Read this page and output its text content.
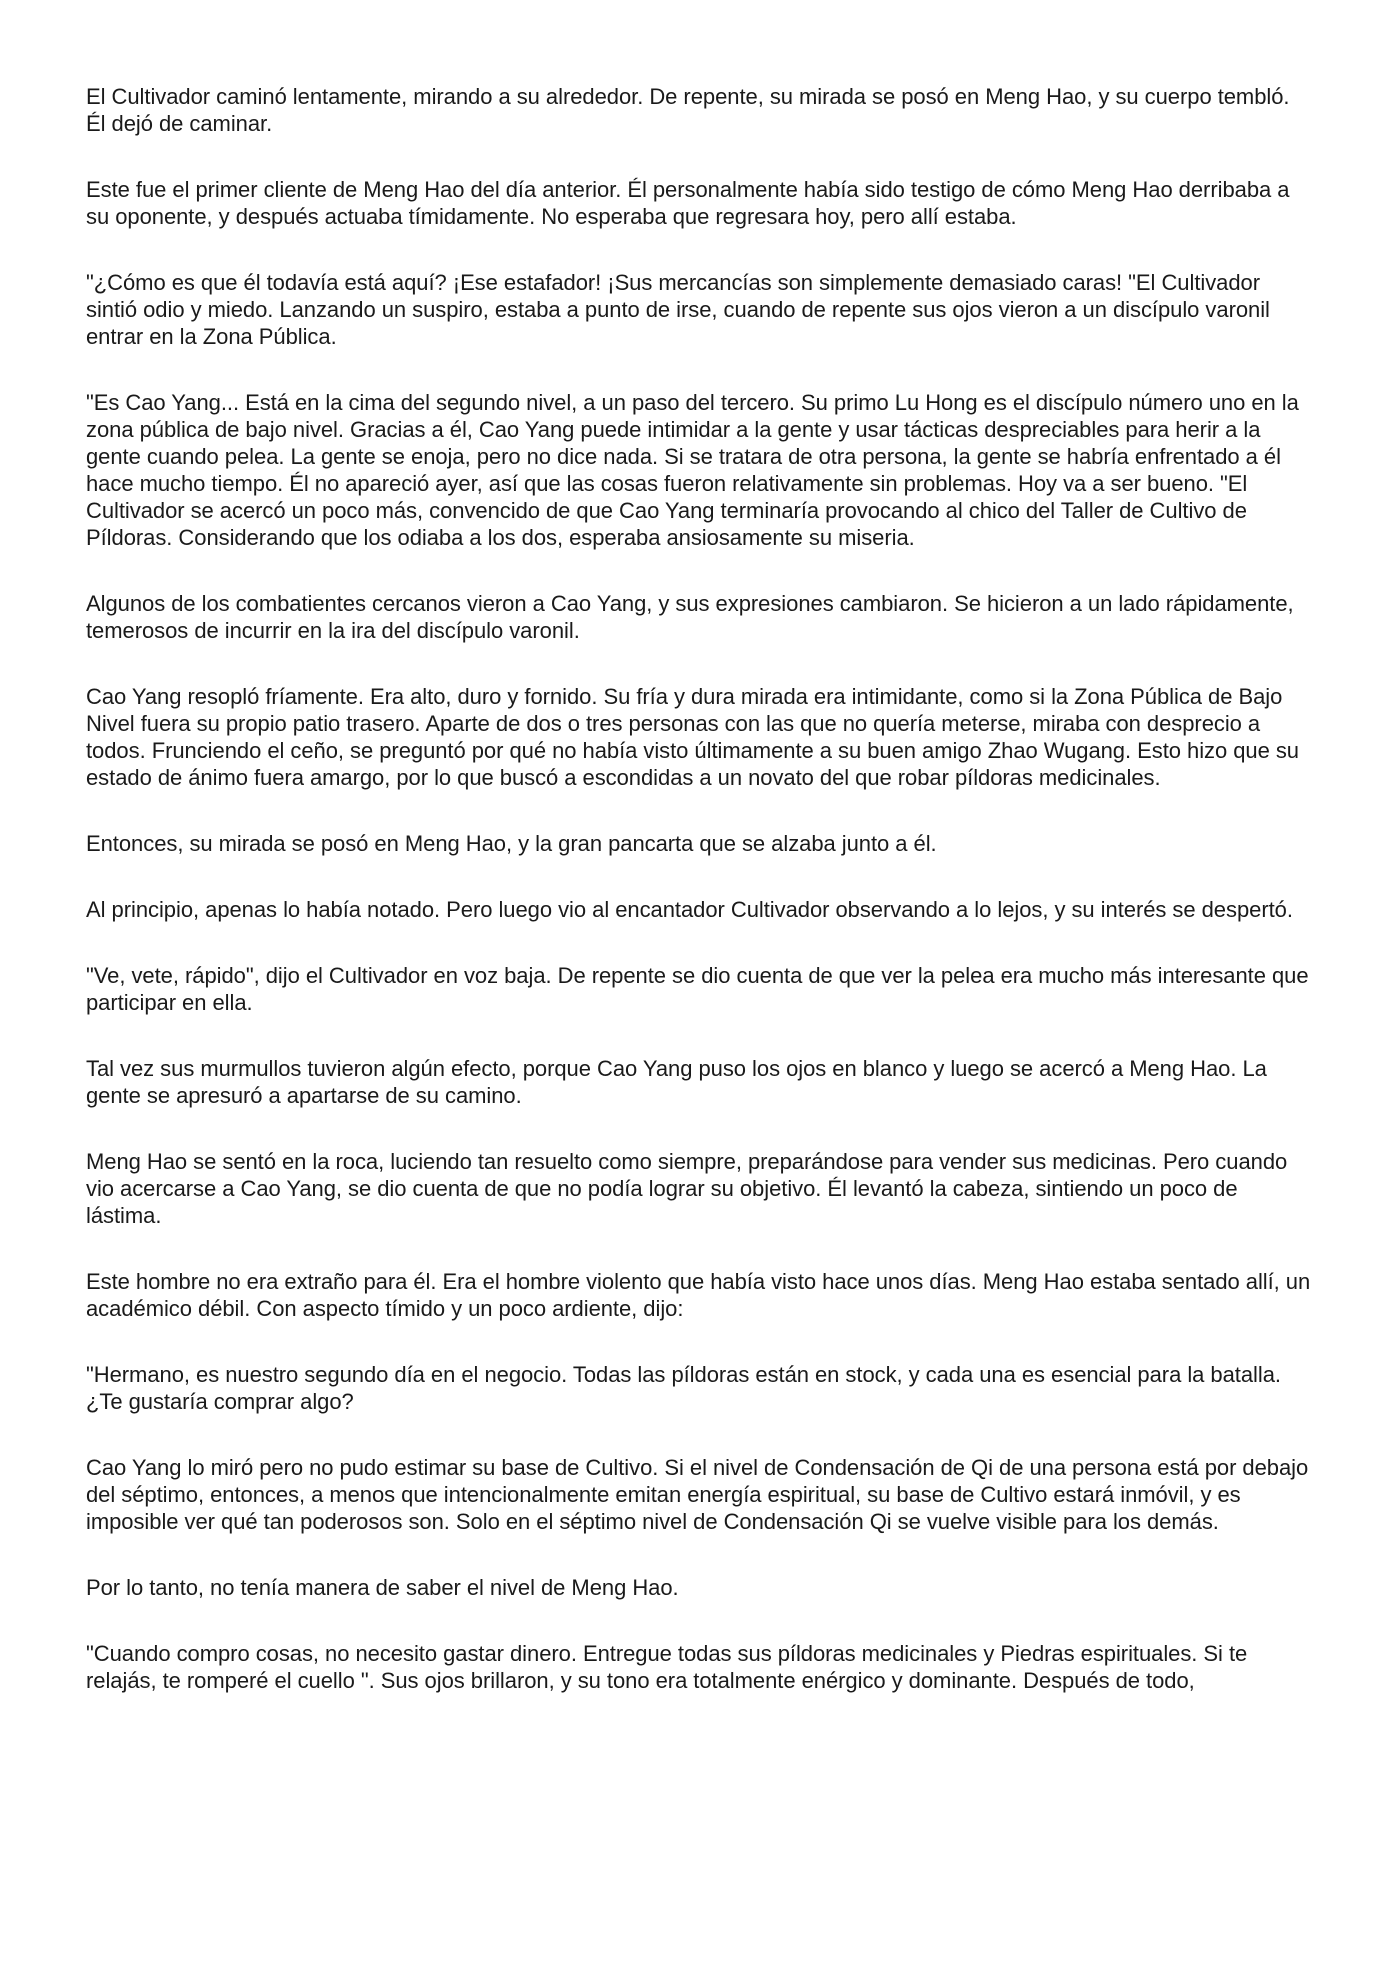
El Cultivador caminó lentamente, mirando a su alrededor. De repente, su mirada se posó en Meng Hao, y su cuerpo tembló. Él dejó de caminar.

Este fue el primer cliente de Meng Hao del día anterior. Él personalmente había sido testigo de cómo Meng Hao derribaba a su oponente, y después actuaba tímidamente. No esperaba que regresara hoy, pero allí estaba.

"¿Cómo es que él todavía está aquí? ¡Ese estafador! ¡Sus mercancías son simplemente demasiado caras! "El Cultivador sintió odio y miedo. Lanzando un suspiro, estaba a punto de irse, cuando de repente sus ojos vieron a un discípulo varonil entrar en la Zona Pública.

"Es Cao Yang... Está en la cima del segundo nivel, a un paso del tercero. Su primo Lu Hong es el discípulo número uno en la zona pública de bajo nivel. Gracias a él, Cao Yang puede intimidar a la gente y usar tácticas despreciables para herir a la gente cuando pelea. La gente se enoja, pero no dice nada. Si se tratara de otra persona, la gente se habría enfrentado a él hace mucho tiempo. Él no apareció ayer, así que las cosas fueron relativamente sin problemas. Hoy va a ser bueno. "El Cultivador se acercó un poco más, convencido de que Cao Yang terminaría provocando al chico del Taller de Cultivo de Píldoras. Considerando que los odiaba a los dos, esperaba ansiosamente su miseria.

Algunos de los combatientes cercanos vieron a Cao Yang, y sus expresiones cambiaron. Se hicieron a un lado rápidamente, temerosos de incurrir en la ira del discípulo varonil.

Cao Yang resopló fríamente. Era alto, duro y fornido. Su fría y dura mirada era intimidante, como si la Zona Pública de Bajo Nivel fuera su propio patio trasero. Aparte de dos o tres personas con las que no quería meterse, miraba con desprecio a todos. Frunciendo el ceño, se preguntó por qué no había visto últimamente a su buen amigo Zhao Wugang. Esto hizo que su estado de ánimo fuera amargo, por lo que buscó a escondidas a un novato del que robar píldoras medicinales.

Entonces, su mirada se posó en Meng Hao, y la gran pancarta que se alzaba junto a él.

Al principio, apenas lo había notado. Pero luego vio al encantador Cultivador observando a lo lejos, y su interés se despertó.

"Ve, vete, rápido", dijo el Cultivador en voz baja. De repente se dio cuenta de que ver la pelea era mucho más interesante que participar en ella.

Tal vez sus murmullos tuvieron algún efecto, porque Cao Yang puso los ojos en blanco y luego se acercó a Meng Hao. La gente se apresuró a apartarse de su camino.

Meng Hao se sentó en la roca, luciendo tan resuelto como siempre, preparándose para vender sus medicinas. Pero cuando vio acercarse a Cao Yang, se dio cuenta de que no podía lograr su objetivo. Él levantó la cabeza, sintiendo un poco de lástima.

Este hombre no era extraño para él. Era el hombre violento que había visto hace unos días. Meng Hao estaba sentado allí, un académico débil. Con aspecto tímido y un poco ardiente, dijo:

"Hermano, es nuestro segundo día en el negocio. Todas las píldoras están en stock, y cada una es esencial para la batalla. ¿Te gustaría comprar algo?

Cao Yang lo miró pero no pudo estimar su base de Cultivo. Si el nivel de Condensación de Qi de una persona está por debajo del séptimo, entonces, a menos que intencionalmente emitan energía espiritual, su base de Cultivo estará inmóvil, y es imposible ver qué tan poderosos son. Solo en el séptimo nivel de Condensación Qi se vuelve visible para los demás.

Por lo tanto, no tenía manera de saber el nivel de Meng Hao.

"Cuando compro cosas, no necesito gastar dinero. Entregue todas sus píldoras medicinales y Piedras espirituales. Si te relajás, te romperé el cuello ". Sus ojos brillaron, y su tono era totalmente enérgico y dominante. Después de todo,
